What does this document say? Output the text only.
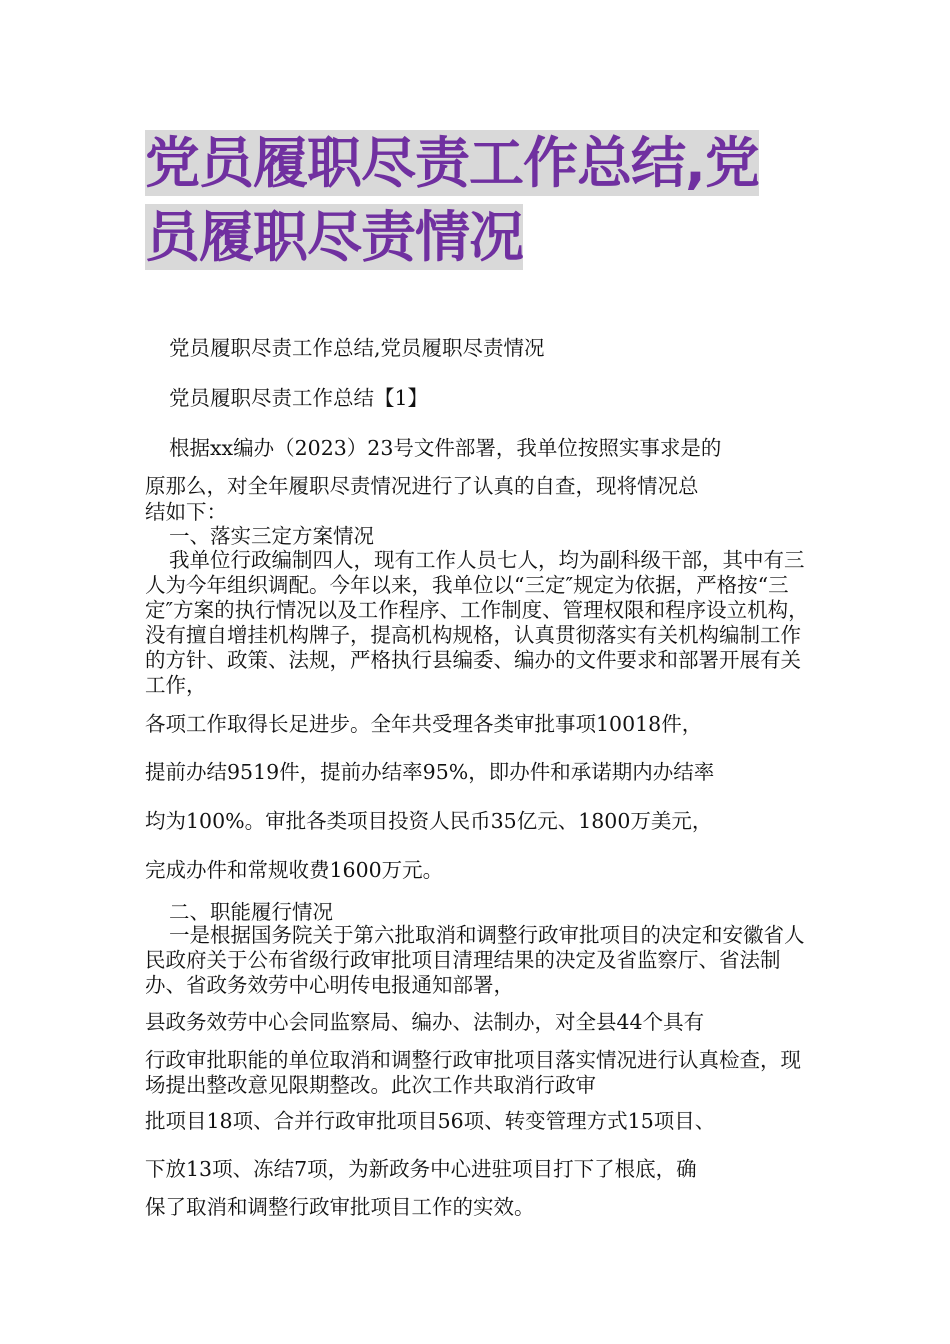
党员履职尽责工作总结,党
员履职尽责情况

党员履职尽责工作总结,党员履职尽责情况

党员履职尽责工作总结【1】

根据xx编办（2023）23号文件部署，我单位按照实事求是的

原那么，对全年履职尽责情况进行了认真的自查，现将情况总

结如下：

一、落实三定方案情况

我单位行政编制四人，现有工作人员七人，均为副科级干部，其中有三人为今年组织调配。今年以来，我单位以“三定″规定为依据，严格按“三定″方案的执行情况以及工作程序、工作制度、管理权限和程序设立机构，没有擅自增挂机构牌子，提高机构规格，认真贯彻落实有关机构编制工作的方针、政策、法规，严格执行县编委、编办的文件要求和部署开展有关工作，

各项工作取得长足进步。全年共受理各类审批事项10018件，

提前办结9519件，提前办结率95%，即办件和承诺期内办结率

均为100%。审批各类项目投资人民币35亿元、1800万美元，

完成办件和常规收费1600万元。

二、职能履行情况

一是根据国务院关于第六批取消和调整行政审批项目的决定和安徽省人民政府关于公布省级行政审批项目清理结果的决定及省监察厅、省法制办、省政务效劳中心明传电报通知部署，

县政务效劳中心会同监察局、编办、法制办，对全县44个具有

行政审批职能的单位取消和调整行政审批项目落实情况进行认真检查，现场提出整改意见限期整改。此次工作共取消行政审

批项目18项、合并行政审批项目56项、转变管理方式15项目、

下放13项、冻结7项，为新政务中心进驻项目打下了根底，确

保了取消和调整行政审批项目工作的实效。
